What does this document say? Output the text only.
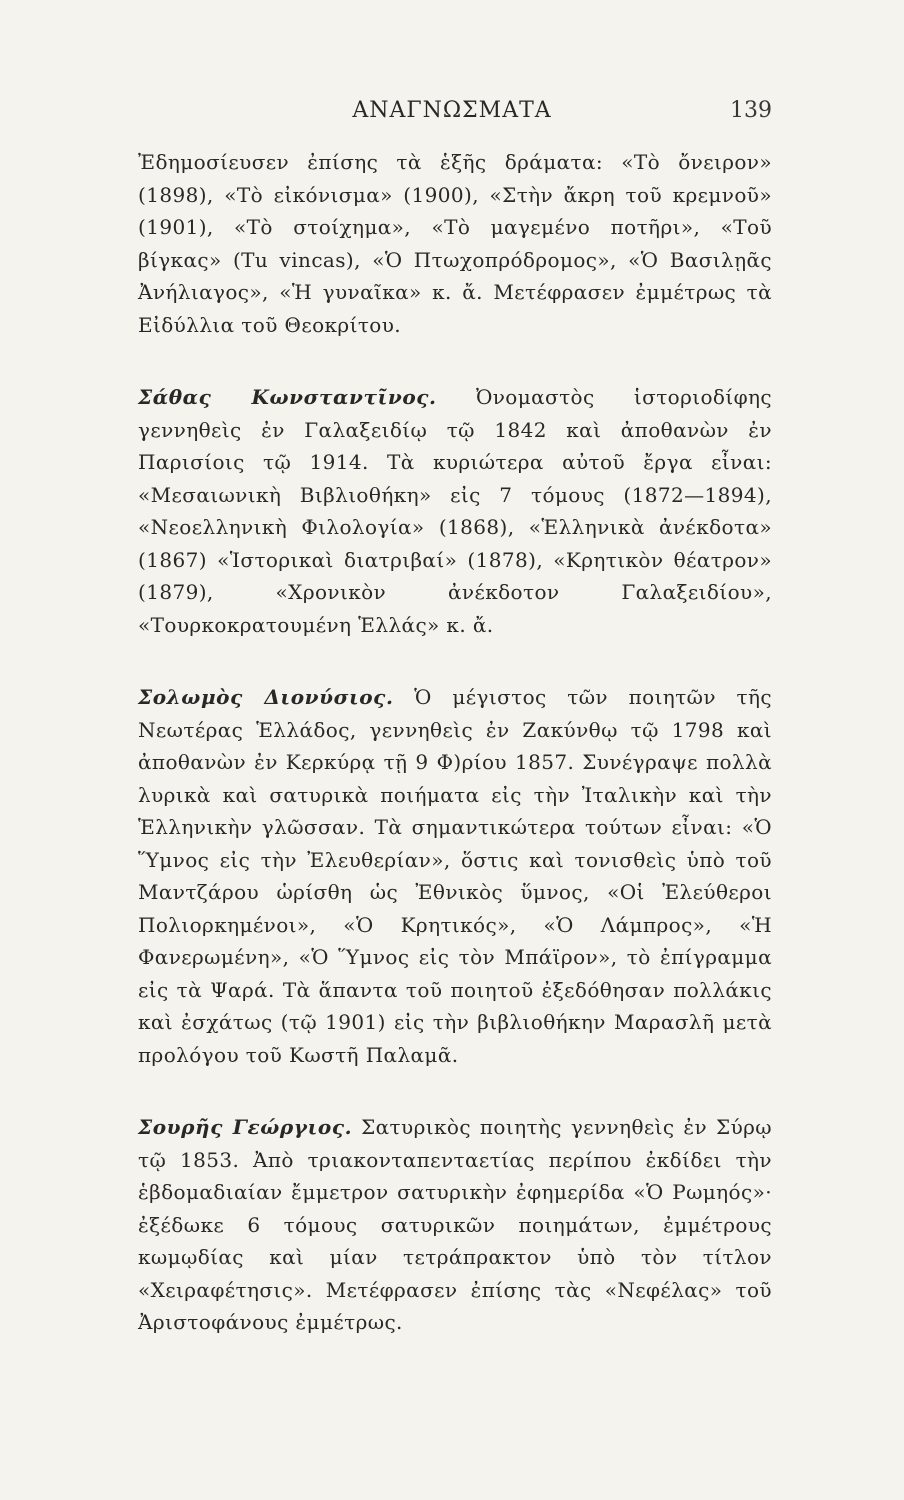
ΑΝΑΓΝΩΣΜΑΤΑ	139

Ἐδημοσίευσεν ἐπίσης τὰ ἑξῆς δράματα: «Τὸ ὄνειρον» (1898), «Τὸ εἰκόνισμα» (1900), «Στὴν ἄκρη τοῦ κρεμνοῦ» (1901), «Τὸ στοίχημα», «Τὸ μαγεμένο ποτῆρι», «Τοῦ βίγκας» (Tu vincas), «Ὁ Πτωχοπρόδρομος», «Ὁ Βασιλῃᾶς Ἀνήλιαγος», «Ἡ γυναῖκα» κ. ἄ. Μετέφρασεν ἐμμέτρως τὰ Εἰδύλλια τοῦ Θεοκρίτου.

Σάθας Κωνσταντῖνος. Ὀνομαστὸς ἱστοριοδίφης γεννηθεὶς ἐν Γαλαξειδίῳ τῷ 1842 καὶ ἀποθανὼν ἐν Παρισίοις τῷ 1914. Τὰ κυριώτερα αὐτοῦ ἔργα εἶναι: «Μεσαιωνικὴ Βιβλιοθήκη» εἰς 7 τόμους (1872—1894), «Νεοελληνικὴ Φιλολογία» (1868), «Ἑλληνικὰ ἀνέκδοτα» (1867) «Ἱστορικαὶ διατριβαί» (1878), «Κρητικὸν θέατρον» (1879), «Χρονικὸν ἀνέκδοτον Γαλαξειδίου», «Τουρκοκρατουμένη Ἑλλάς» κ. ἄ.

Σολωμὸς Διονύσιος. Ὁ μέγιστος τῶν ποιητῶν τῆς Νεωτέρας Ἑλλάδος, γεννηθεὶς ἐν Ζακύνθῳ τῷ 1798 καὶ ἀποθανὼν ἐν Κερκύρᾳ τῇ 9 Φ)ρίου 1857. Συνέγραψε πολλὰ λυρικὰ καὶ σατυρικὰ ποιήματα εἰς τὴν Ἰταλικὴν καὶ τὴν Ἑλληνικὴν γλῶσσαν. Τὰ σημαντικώτερα τούτων εἶναι: «Ὁ Ὕμνος εἰς τὴν Ἐλευθερίαν», ὅστις καὶ τονισθεὶς ὑπὸ τοῦ Μαντζάρου ὡρίσθη ὡς Ἐθνικὸς ὕμνος, «Οἱ Ἐλεύθεροι Πολιορκημένοι», «Ὁ Κρητικός», «Ὁ Λάμπρος», «Ἡ Φανερωμένη», «Ὁ Ὕμνος εἰς τὸν Μπάϊρον», τὸ ἐπίγραμμα εἰς τὰ Ψαρά. Τὰ ἅπαντα τοῦ ποιητοῦ ἐξεδόθησαν πολλάκις καὶ ἐσχάτως (τῷ 1901) εἰς τὴν βιβλιοθήκην Μαρασλῆ μετὰ προλόγου τοῦ Κωστῆ Παλαμᾶ.

Σουρῆς Γεώργιος. Σατυρικὸς ποιητὴς γεννηθεὶς ἐν Σύρῳ τῷ 1853. Ἀπὸ τριακονταπενταετίας περίπου ἐκδίδει τὴν ἑβδομαδιαίαν ἔμμετρον σατυρικὴν ἐφημερίδα «Ὁ Ρωμηός»· ἐξέδωκε 6 τόμους σατυρικῶν ποιημάτων, ἐμμέτρους κωμῳδίας καὶ μίαν τετράπρακτον ὑπὸ τὸν τίτλον «Χειραφέτησις». Μετέφρασεν ἐπίσης τὰς «Νεφέλας» τοῦ Ἀριστοφάνους ἐμμέτρως.
